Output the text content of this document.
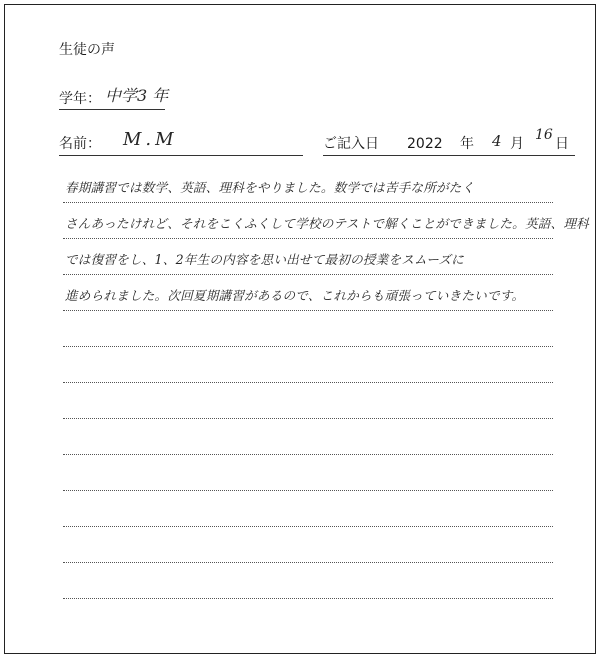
生徒の声
学年： 中学3 年
名前： M.M	ご記入日 2022 年 4 月
16
日
春期講習では数学、英語、理科をやりました。数学では苦手な所がたく
さんあったけれど、それをこくふくして学校のテストで解くことができました。英語、理科
では復習をし、1、2年生の内容を思い出せて最初の授業をスムーズに
進められました。次回夏期講習があるので、これからも頑張っていきたいです。
